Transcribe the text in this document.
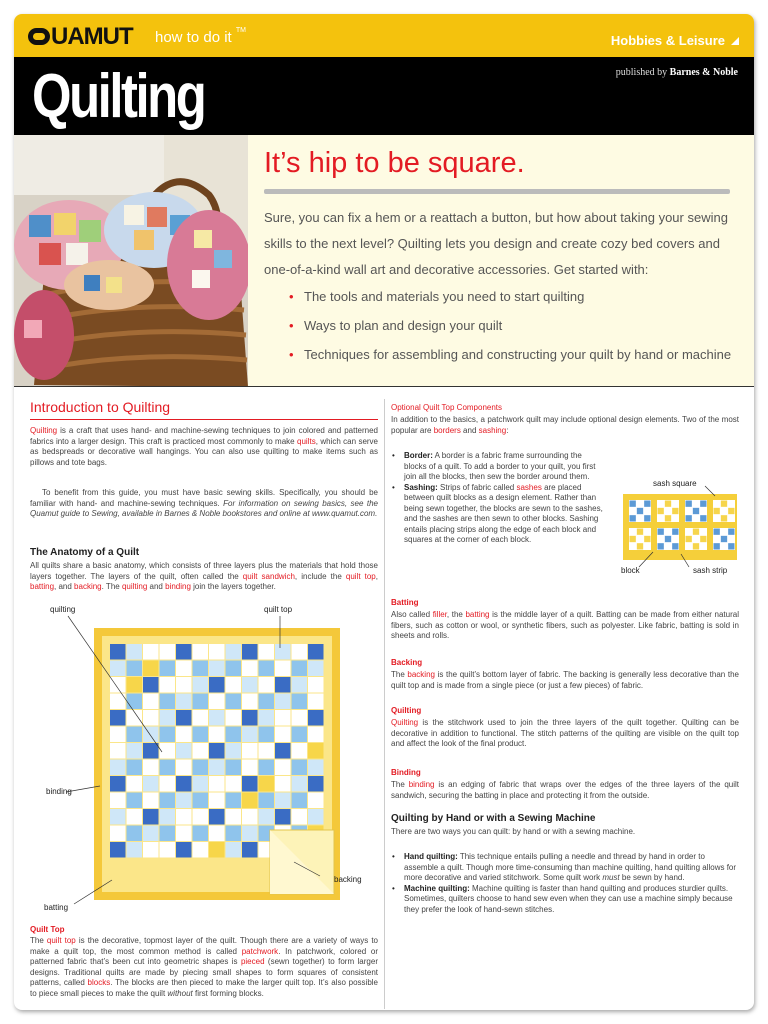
UAMUT how to do it ™
Hobbies & Leisure
Quilting	published by Barnes & Noble
It’s hip to be square.
Sure, you can fix a hem or a reattach a button, but how about taking your sewing skills to the next level? Quilting lets you design and create cozy bed covers and one-of-a-kind wall art and decorative accessories. Get started with:
• The tools and materials you need to start quilting
• Ways to plan and design your quilt
• Techniques for assembling and constructing your quilt by hand or machine
Introduction to Quilting

Quilting is a craft that uses hand- and machine-sewing techniques to join colored and patterned fabrics into a larger design. This craft is practiced most commonly to make quilts, which can serve as bedspreads or decorative wall hangings. You can also use quilting to make items such as pillows and tote bags.

To benefit from this guide, you must have basic sewing skills. Specifically, you should be familiar with hand- and machine-sewing techniques. For information on sewing basics, see the Quamut guide to Sewing, available in Barnes & Noble bookstores and online at www.quamut.com.

The Anatomy of a Quilt

All quilts share a basic anatomy, which consists of three layers plus the materials that hold those layers together. The layers of the quilt, often called the quilt sandwich, include the quilt top, batting, and backing. The quilting and binding join the layers together.

quilting	quilt top
binding
backing
batting
Quilt Top

The quilt top is the decorative, topmost layer of the quilt. Though there are a variety of ways to make a quilt top, the most common method is called patchwork. In patchwork, colored or patterned fabric that’s been cut into geometric shapes is pieced (sewn together) to form larger designs. Traditional quilts are made by piecing small shapes to form squares of consistent patterns, called blocks. The blocks are then pieced to make the larger quilt top. It’s also possible to piece small pieces to make the quilt without first forming blocks.

Optional Quilt Top Components

In addition to the basics, a patchwork quilt may include optional design elements. Two of the most popular are borders and sashing:

• Border: A border is a fabric frame surrounding the blocks of a quilt. To add a border to your quilt, you first join all the blocks, then sew the border around them.
• Sashing: Strips of fabric called sashes are placed between quilt blocks as a design element. Rather than being sewn together, the blocks are sewn to the sashes, and the sashes are then sewn to other blocks. Sashing entails placing strips along the edge of each block and squares at the corner of each block.
sash square
block	sash strip
Batting

Also called filler, the batting is the middle layer of a quilt. Batting can be made from either natural fibers, such as cotton or wool, or synthetic fibers, such as polyester. Like fabric, batting is sold in sheets and rolls.

Backing

The backing is the quilt’s bottom layer of fabric. The backing is generally less decorative than the quilt top and is made from a single piece (or just a few pieces) of fabric.

Quilting

Quilting is the stitchwork used to join the three layers of the quilt together. Quilting can be decorative in addition to functional. The stitch patterns of the quilting are visible on the quilt top and affect the look of the final product.

Binding

The binding is an edging of fabric that wraps over the edges of the three layers of the quilt sandwich, securing the batting in place and protecting it from the outside.

Quilting by Hand or with a Sewing Machine

There are two ways you can quilt: by hand or with a sewing machine.

• Hand quilting: This technique entails pulling a needle and thread by hand in order to assemble a quilt. Though more time-consuming than machine quilting, hand quilting allows for more decorative and varied stitchwork. Some quilt work must be sewn by hand.
• Machine quilting: Machine quilting is faster than hand quilting and produces sturdier quilts. Sometimes, quilters choose to hand sew even when they can use a machine simply because they prefer the look of hand-sewn stitches.
